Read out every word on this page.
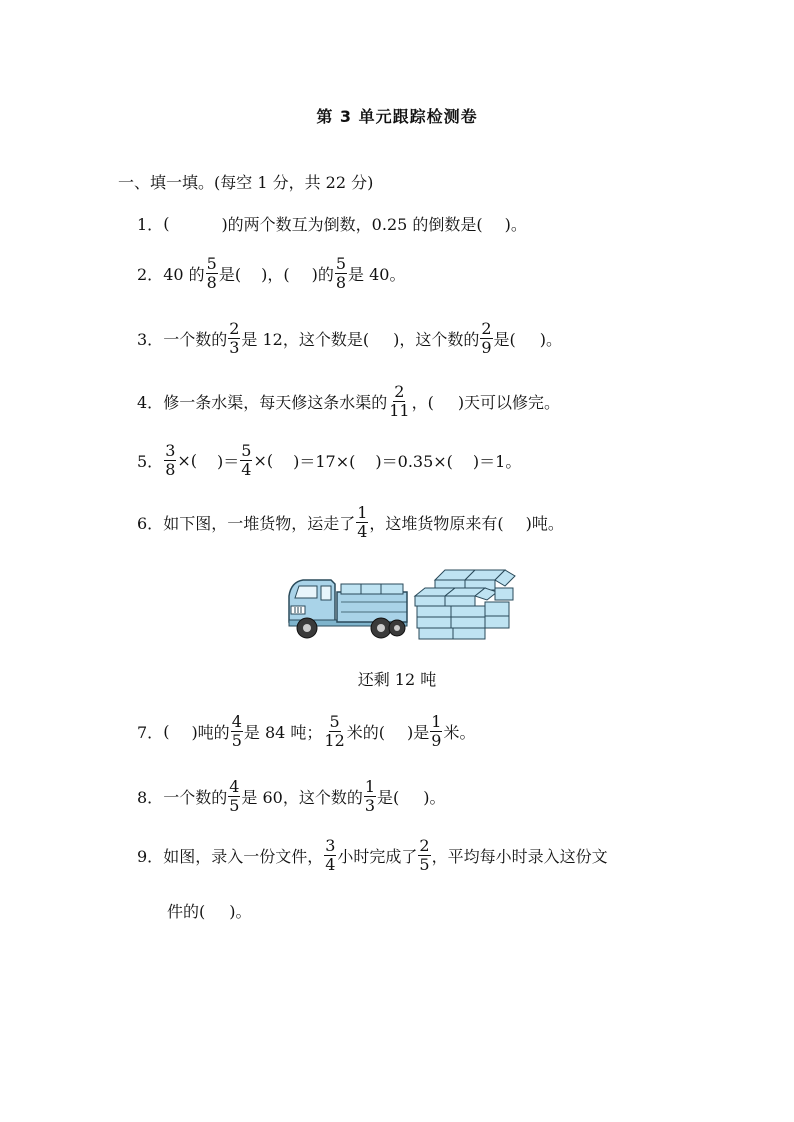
第 3 单元跟踪检测卷
一、填一填。(每空 1 分，共 22 分)
1． (	)的两个数互为倒数，0.25 的倒数是( )。
2． 40 的 $\frac{5}{8}$ 是( )，( )的 $\frac{5}{8}$ 是 40。
3． 一个数的 $\frac{2}{3}$ 是 12，这个数是( )，这个数的 $\frac{2}{9}$ 是( )。
4． 修一条水渠，每天修这条水渠的 $\frac{2}{11}$ ，( )天可以修完。
5． $\frac{3}{8}$ ×( )＝ $\frac{5}{4}$ ×( )＝17×( )＝0.35×( )＝1。
6． 如下图，一堆货物，运走了 $\frac{1}{4}$ ，这堆货物原来有( )吨。
还剩 12 吨
7． ( )吨的 $\frac{4}{5}$ 是 84 吨； $\frac{5}{12}$ 米的( )是 $\frac{1}{9}$ 米。
8． 一个数的 $\frac{4}{5}$ 是 60，这个数的 $\frac{1}{3}$ 是( )。
9． 如图，录入一份文件， $\frac{3}{4}$ 小时完成了 $\frac{2}{5}$ ，平均每小时录入这份文
件的( )。
